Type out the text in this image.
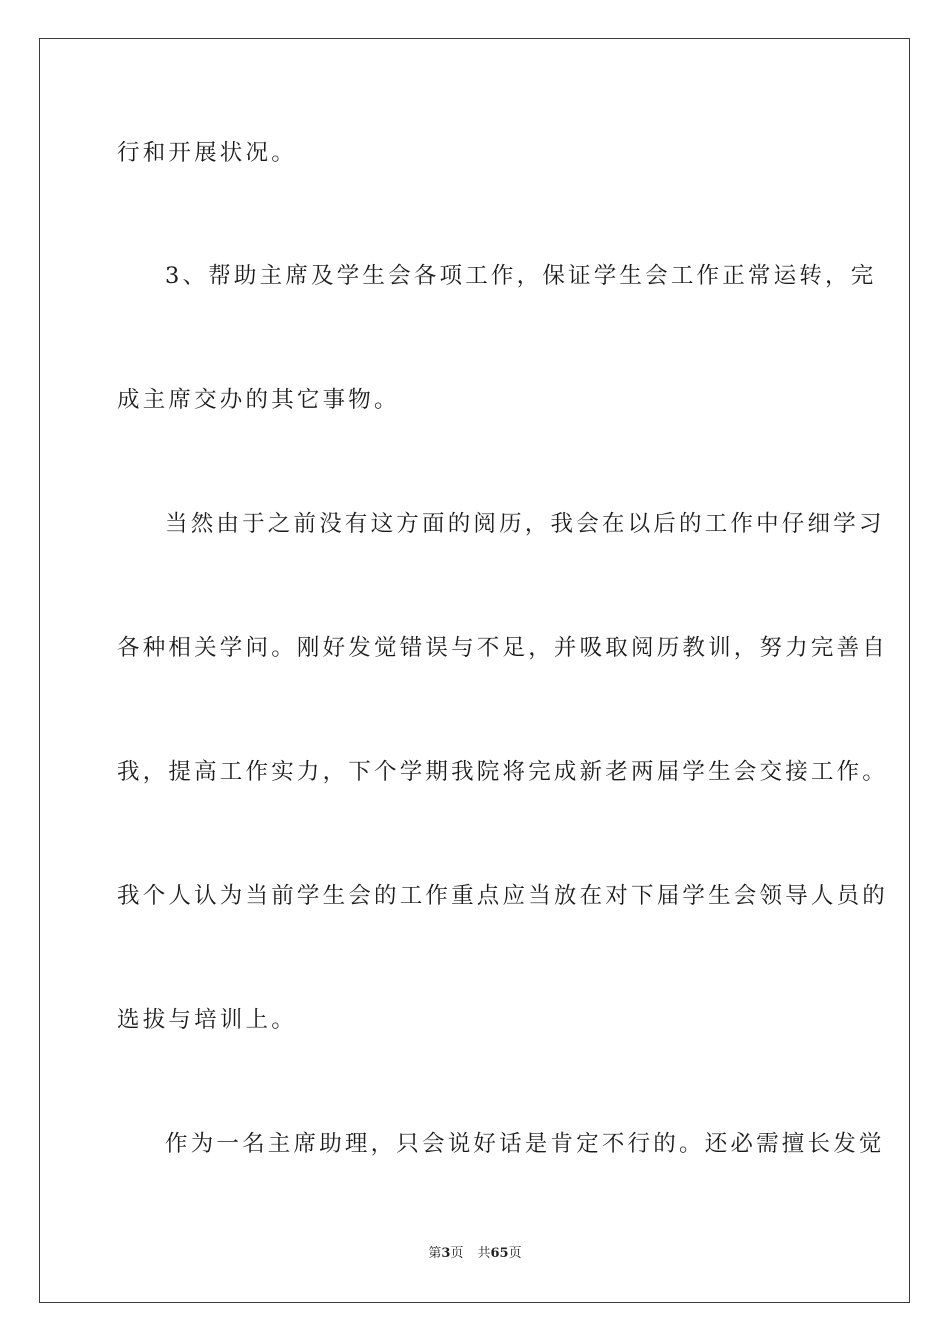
行和开展状况。
3、帮助主席及学生会各项工作，保证学生会工作正常运转，完
成主席交办的其它事物。
当然由于之前没有这方面的阅历，我会在以后的工作中仔细学习
各种相关学问。刚好发觉错误与不足，并吸取阅历教训，努力完善自
我，提高工作实力，下个学期我院将完成新老两届学生会交接工作。
我个人认为当前学生会的工作重点应当放在对下届学生会领导人员的
选拔与培训上。
作为一名主席助理，只会说好话是肯定不行的。还必需擅长发觉
第3页 共65页
